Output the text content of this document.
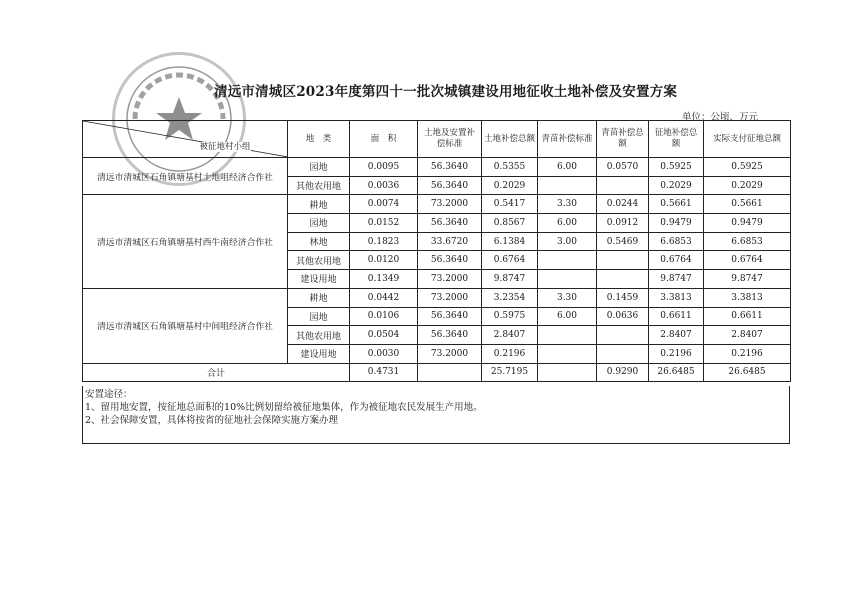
清远市清城区2023年度第四十一批次城镇建设用地征收土地补偿及安置方案
单位：公顷、万元
被征地村小组	地　类	面　积	土地及安置补偿标准	土地补偿总额	青苗补偿标准	青苗补偿总额	征地补偿总额	实际支付征地总额
清远市清城区石角镇塘基村土地咀经济合作社	园地	0.0095	56.3640	0.5355	6.00	0.0570	0.5925	0.5925
	其他农用地	0.0036	56.3640	0.2029			0.2029	0.2029
清远市清城区石角镇塘基村西牛南经济合作社	耕地	0.0074	73.2000	0.5417	3.30	0.0244	0.5661	0.5661
	园地	0.0152	56.3640	0.8567	6.00	0.0912	0.9479	0.9479
	林地	0.1823	33.6720	6.1384	3.00	0.5469	6.6853	6.6853
	其他农用地	0.0120	56.3640	0.6764			0.6764	0.6764
	建设用地	0.1349	73.2000	9.8747			9.8747	9.8747
清远市清城区石角镇塘基村中间咀经济合作社	耕地	0.0442	73.2000	3.2354	3.30	0.1459	3.3813	3.3813
	园地	0.0106	56.3640	0.5975	6.00	0.0636	0.6611	0.6611
	其他农用地	0.0504	56.3640	2.8407			2.8407	2.8407
	建设用地	0.0030	73.2000	0.2196			0.2196	0.2196
合计		0.4731		25.7195		0.9290	26.6485	26.6485
安置途径：
1、留用地安置，按征地总面积的10%比例划留给被征地集体，作为被征地农民发展生产用地。
2、社会保障安置，具体将按省的征地社会保障实施方案办理
